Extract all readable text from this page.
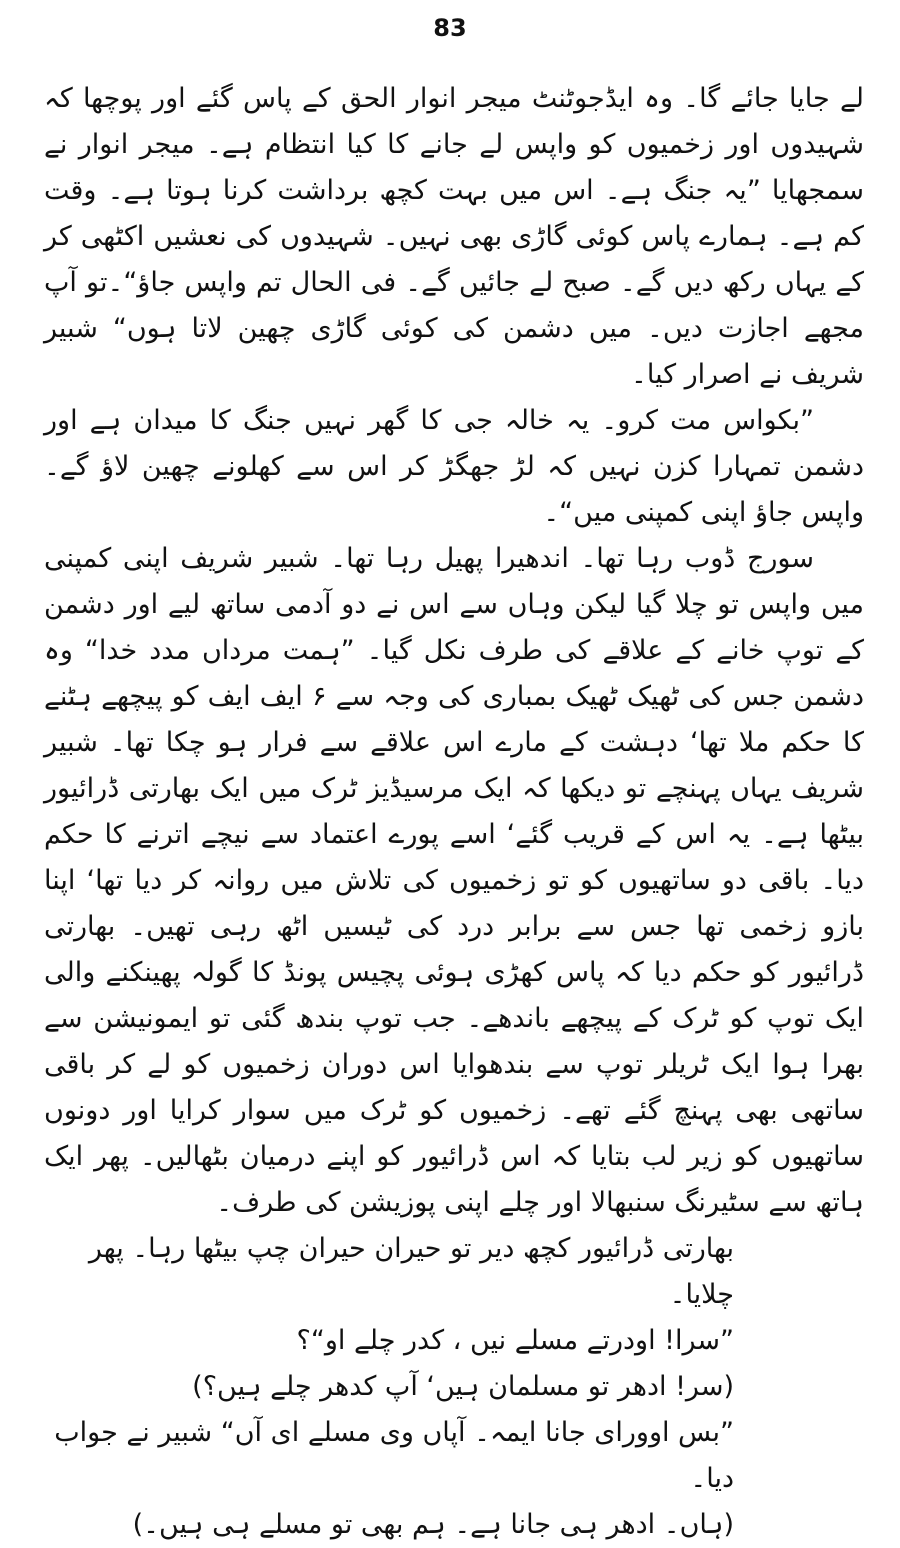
83

لے جایا جائے گا۔ وہ ایڈجوٹنٹ میجر انوار الحق کے پاس گئے اور پوچھا کہ شہیدوں اور زخمیوں کو واپس لے جانے کا کیا انتظام ہے۔ میجر انوار نے سمجھایا ”یہ جنگ ہے۔ اس میں بہت کچھ برداشت کرنا ہوتا ہے۔ وقت کم ہے۔ ہمارے پاس کوئی گاڑی بھی نہیں۔ شہیدوں کی نعشیں اکٹھی کر کے یہاں رکھ دیں گے۔ صبح لے جائیں گے۔ فی الحال تم واپس جاؤ“۔تو آپ مجھے اجازت دیں۔ میں دشمن کی کوئی گاڑی چھین لاتا ہوں“ شبیر شریف نے اصرار کیا۔

”بکواس مت کرو۔ یہ خالہ جی کا گھر نہیں جنگ کا میدان ہے اور دشمن تمہارا کزن نہیں کہ لڑ جھگڑ کر اس سے کھلونے چھین لاؤ گے۔ واپس جاؤ اپنی کمپنی میں“۔

سورج ڈوب رہا تھا۔ اندھیرا پھیل رہا تھا۔ شبیر شریف اپنی کمپنی میں واپس تو چلا گیا لیکن وہاں سے اس نے دو آدمی ساتھ لیے اور دشمن کے توپ خانے کے علاقے کی طرف نکل گیا۔ ”ہمت مرداں مدد خدا“ وہ دشمن جس کی ٹھیک ٹھیک بمباری کی وجہ سے ۶ ایف ایف کو پیچھے ہٹنے کا حکم ملا تھا‘ دہشت کے مارے اس علاقے سے فرار ہو چکا تھا۔ شبیر شریف یہاں پہنچے تو دیکھا کہ ایک مرسیڈیز ٹرک میں ایک بھارتی ڈرائیور بیٹھا ہے۔ یہ اس کے قریب گئے‘ اسے پورے اعتماد سے نیچے اترنے کا حکم دیا۔ باقی دو ساتھیوں کو تو زخمیوں کی تلاش میں روانہ کر دیا تھا‘ اپنا بازو زخمی تھا جس سے برابر درد کی ٹیسیں اٹھ رہی تھیں۔ بھارتی ڈرائیور کو حکم دیا کہ پاس کھڑی ہوئی پچیس پونڈ کا گولہ پھینکنے والی ایک توپ کو ٹرک کے پیچھے باندھے۔ جب توپ بندھ گئی تو ایمونیشن سے بھرا ہوا ایک ٹریلر توپ سے بندھوایا اس دوران زخمیوں کو لے کر باقی ساتھی بھی پہنچ گئے تھے۔ زخمیوں کو ٹرک میں سوار کرایا اور دونوں ساتھیوں کو زیر لب بتایا کہ اس ڈرائیور کو اپنے درمیان بٹھالیں۔ پھر ایک ہاتھ سے سٹیرنگ سنبھالا اور چلے اپنی پوزیشن کی طرف۔

بھارتی ڈرائیور کچھ دیر تو حیران حیران چپ بیٹھا رہا۔ پھر چلایا۔

”سرا! اودرتے مسلے نیں ، کدر چلے او“؟

(سر! ادھر تو مسلمان ہیں‘ آپ کدھر چلے ہیں؟)

”بس اوورای جانا ایمہ۔ آپاں وی مسلے ای آں“ شبیر نے جواب دیا۔

(ہاں۔ ادھر ہی جانا ہے۔ ہم بھی تو مسلے ہی ہیں۔)
